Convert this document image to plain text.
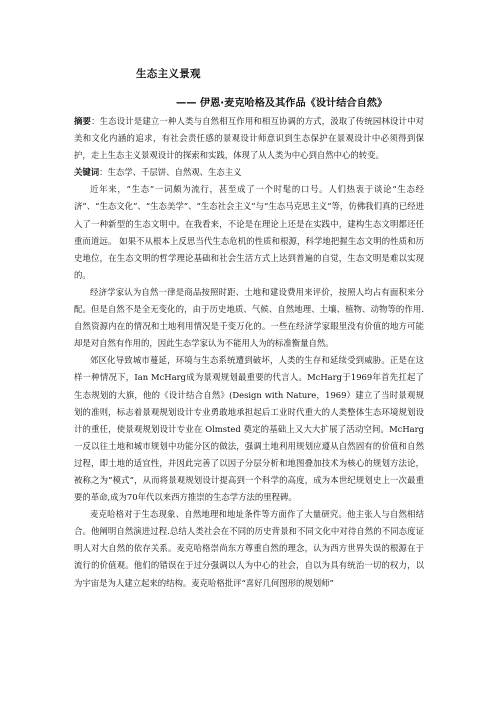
生态主义景观
—— 伊恩·麦克哈格及其作品《设计结合自然》

摘要：生态设计是建立一种人类与自然相互作用和相互协调的方式，汲取了传统园林设计中对美和文化内涵的追求，有社会责任感的景观设计师意识到生态保护在景观设计中必须得到保护，走上生态主义景观设计的探索和实践，体现了从人类为中心到自然中心的转变。

关键词：生态学、千层饼、自然观、生态主义

近年来，“生态”一词颇为流行，甚至成了一个时髦的口号。人们热衷于谈论“生态经济”、“生态文化”、“生态美学”、“生态社会主义”与“生态马克思主义”等，仿佛我们真的已经进入了一种新型的生态文明中。在我看来，不论是在理论上还是在实践中，建构生态文明都还任重而道远。 如果不从根本上反思当代生态危机的性质和根源，科学地把握生态文明的性质和历史地位，在生态文明的哲学理论基础和社会生活方式上达到普遍的自觉，生态文明是难以实现的。

经济学家认为自然一律是商品按照时距、土地和建设费用来评价，按照人均占有面积来分配。但是自然不是全无变化的，由于历史地质、气候、自然地理、土壤、植物、动物等的作用.自然资源内在的情况和土地利用情况是千变万化的。一些在经济学家眼里没有价值的地方可能却是对自然有作用的，因此生态学家认为不能用人为的标准衡量自然。

郊区化导致城市蔓延，环境与生态系统遭到破坏，人类的生存和延续受到威胁。正是在这样一种情况下，Ian McHarg成为景观规划最重要的代言人。McHarg于1969年首先扛起了生态规划的大旗，他的《设计结合自然》(Design with Nature，1969）建立了当时景观规划的准则，标志着景观规划设计专业勇敢地承担起后工业时代重大的人类整体生态环境规划设计的重任，使景观规划设计专业在 Olmsted 奠定的基础上又大大扩展了活动空间。McHarg一反以往土地和城市规划中功能分区的做法，强调土地利用规划应遵从自然固有的价值和自然过程，即土地的适宜性，并因此完善了以因子分层分析和地图叠加技术为核心的规划方法论，被称之为“模式”，从而将景观规划设计提高到一个科学的高度，成为本世纪规划史上一次最重要的革命,成为70年代以来西方推崇的生态学方法的里程碑。

麦克哈格对于生态现象、自然地理和地址条件等方面作了大量研究。他主张人与自然相结合。他阐明自然演进过程.总结人类社会在不同的历史背景和不同文化中对待自然的不同态度证明人对大自然的依存关系。麦克哈格崇尚东方尊重自然的理念，认为西方世界失误的根源在于流行的价值观。他们的错误在于过分强调以人为中心的社会，自以为具有统治一切的权力，以为宇宙是为人建立起来的结构。麦克哈格批评“喜好几何图形的规划师”
